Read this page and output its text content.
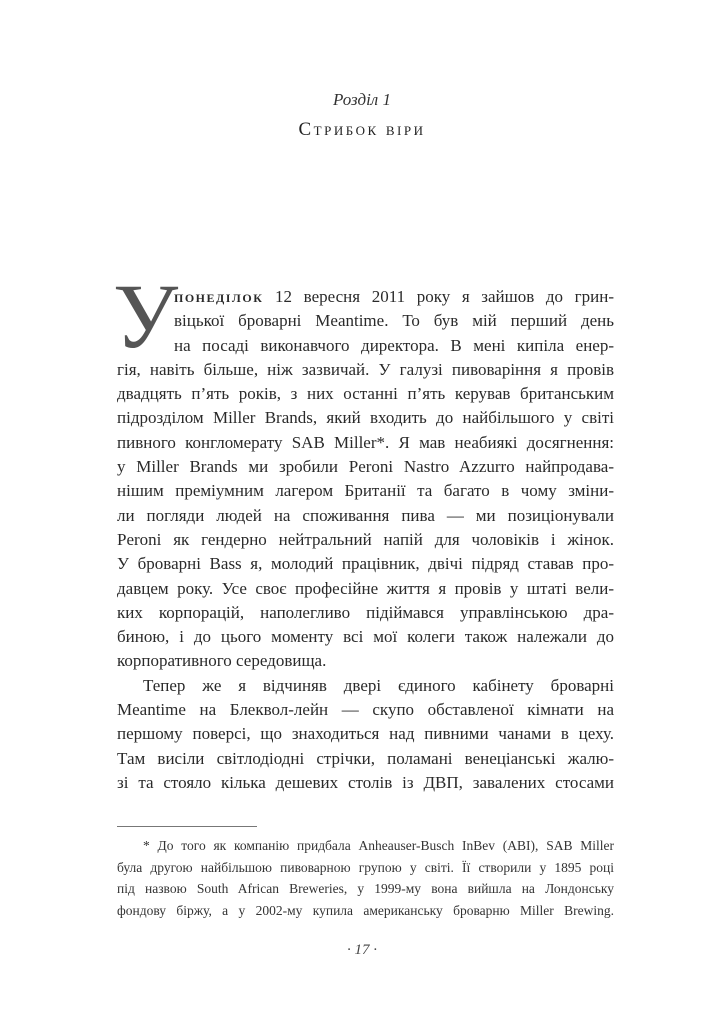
Розділ 1
Стрибок віри
У
понеділок 12 вересня 2011 року я зайшов до грин-
віцької броварні Meantime. То був мій перший день
на посаді виконавчого директора. В мені кипіла енер-
гія, навіть більше, ніж зазвичай. У галузі пивоваріння я провів
двадцять п’ять років, з них останні п’ять керував британським
підрозділом Miller Brands, який входить до найбільшого у світі
пивного конгломерату SAB Miller*. Я мав неабиякі досягнення:
у Miller Brands ми зробили Peroni Nastro Azzurro найпродава-
нішим преміумним лагером Британії та багато в чому зміни-
ли погляди людей на споживання пива — ми позиціонували
Peroni як гендерно нейтральний напій для чоловіків і жінок.
У броварні Bass я, молодий працівник, двічі підряд ставав про-
давцем року. Усе своє професійне життя я провів у штаті вели-
ких корпорацій, наполегливо підіймався управлінською дра-
биною, і до цього моменту всі мої колеги також належали до
корпоративного середовища.
Тепер же я відчиняв двері єдиного кабінету броварні
Meantime на Блеквол-лейн — скупо обставленої кімнати на
першому поверсі, що знаходиться над пивними чанами в цеху.
Там висіли світлодіодні стрічки, поламані венеціанські жалю-
зі та стояло кілька дешевих столів із ДВП, завалених стосами
* До того як компанію придбала Anheauser-Busch InBev (ABI), SAB Miller
була другою найбільшою пивоварною групою у світі. Її створили у 1895 році
під назвою South African Breweries, у 1999-му вона вийшла на Лондонську
фондову біржу, а у 2002-му купила американську броварню Miller Brewing.
· 17 ·
